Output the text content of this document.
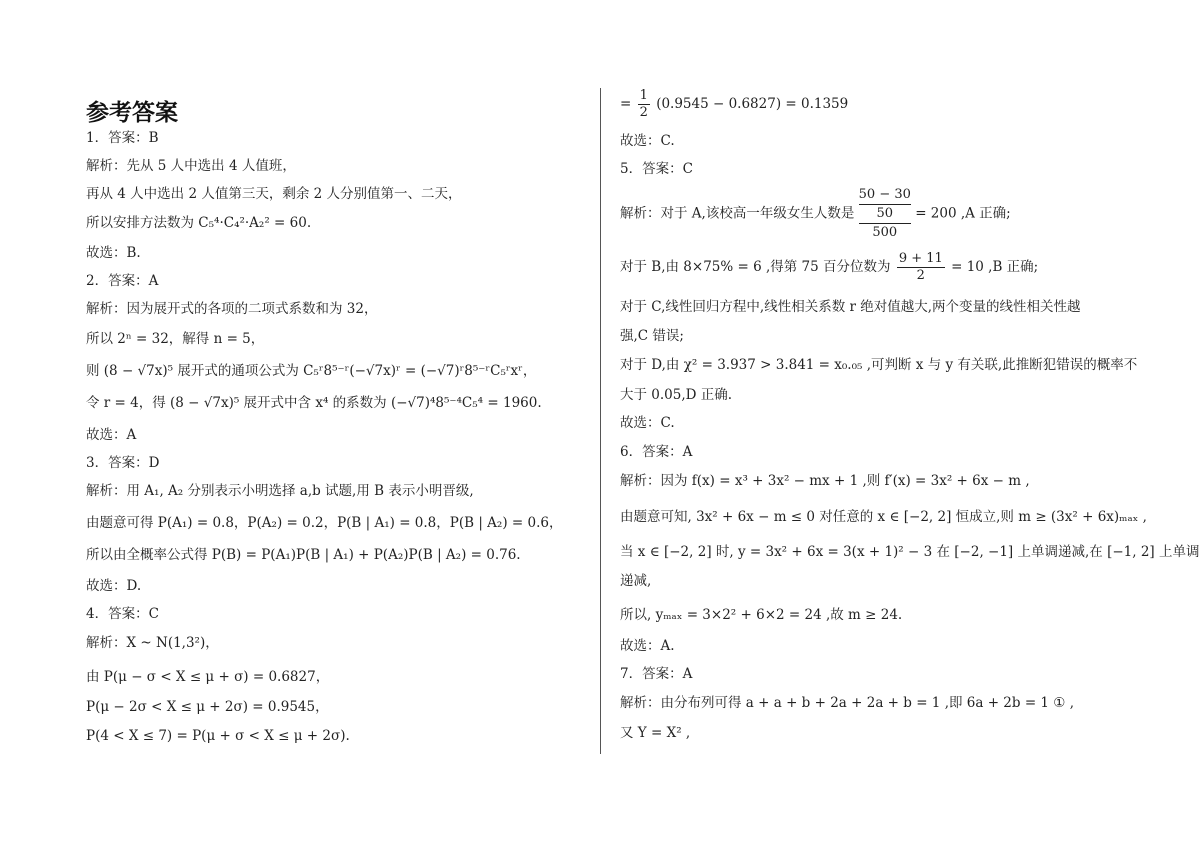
参考答案
1．答案：B
解析：先从 5 人中选出 4 人值班，
再从 4 人中选出 2 人值第三天，剩余 2 人分别值第一、二天，
所以安排方法数为 C₅⁴·C₄²·A₂² = 60.
故选：B.
2．答案：A
解析：因为展开式的各项的二项式系数和为 32，
所以 2ⁿ = 32，解得 n = 5，
则 (8 − √7x)⁵ 展开式的通项公式为 C₅ʳ8⁵⁻ʳ(−√7x)ʳ = (−√7)ʳ8⁵⁻ʳC₅ʳxʳ，
令 r = 4，得 (8 − √7x)⁵ 展开式中含 x⁴ 的系数为 (−√7)⁴8⁵⁻⁴C₅⁴ = 1960.
故选：A
3．答案：D
解析：用 A₁, A₂ 分别表示小明选择 a,b 试题,用 B 表示小明晋级,
由题意可得 P(A₁) = 0.8，P(A₂) = 0.2，P(B | A₁) = 0.8，P(B | A₂) = 0.6，
所以由全概率公式得 P(B) = P(A₁)P(B | A₁) + P(A₂)P(B | A₂) = 0.76.
故选：D.
4．答案：C
解析：X ~ N(1,3²)，
由 P(μ − σ < X ≤ μ + σ) = 0.6827，
P(μ − 2σ < X ≤ μ + 2σ) = 0.9545，
P(4 < X ≤ 7) = P(μ + σ < X ≤ μ + 2σ).
= $\frac{1}{2} (0.9545 - 0.6827) = 0.1359$
故选：C.
5．答案：C
解析：对于 A,该校高一年级女生人数是
50 − 30
50
500
= 200 ,A 正确;
对于 B,由 8×75% = 6 ,得第 75 百分位数为 $\frac{9 + 11}{2} = 10$ ,B 正确;
对于 C,线性回归方程中,线性相关系数 r 绝对值越大,两个变量的线性相关性越
强,C 错误;
对于 D,由 χ² = 3.937 > 3.841 = x₀.₀₅ ,可判断 x 与 y 有关联,此推断犯错误的概率不
大于 0.05,D 正确.
故选：C.
6．答案：A
解析：因为 f(x) = x³ + 3x² − mx + 1 ,则 f′(x) = 3x² + 6x − m ,
由题意可知, 3x² + 6x − m ≤ 0 对任意的 x ∈ [−2, 2] 恒成立,则 m ≥ (3x² + 6x)ₘₐₓ ,
当 x ∈ [−2, 2] 时, y = 3x² + 6x = 3(x + 1)² − 3 在 [−2, −1] 上单调递减,在 [−1, 2] 上单调
递减,
所以, yₘₐₓ = 3×2² + 6×2 = 24 ,故 m ≥ 24.
故选：A.
7．答案：A
解析：由分布列可得 a + a + b + 2a + 2a + b = 1 ,即 6a + 2b = 1 ① ,
又 Y = X² ,
